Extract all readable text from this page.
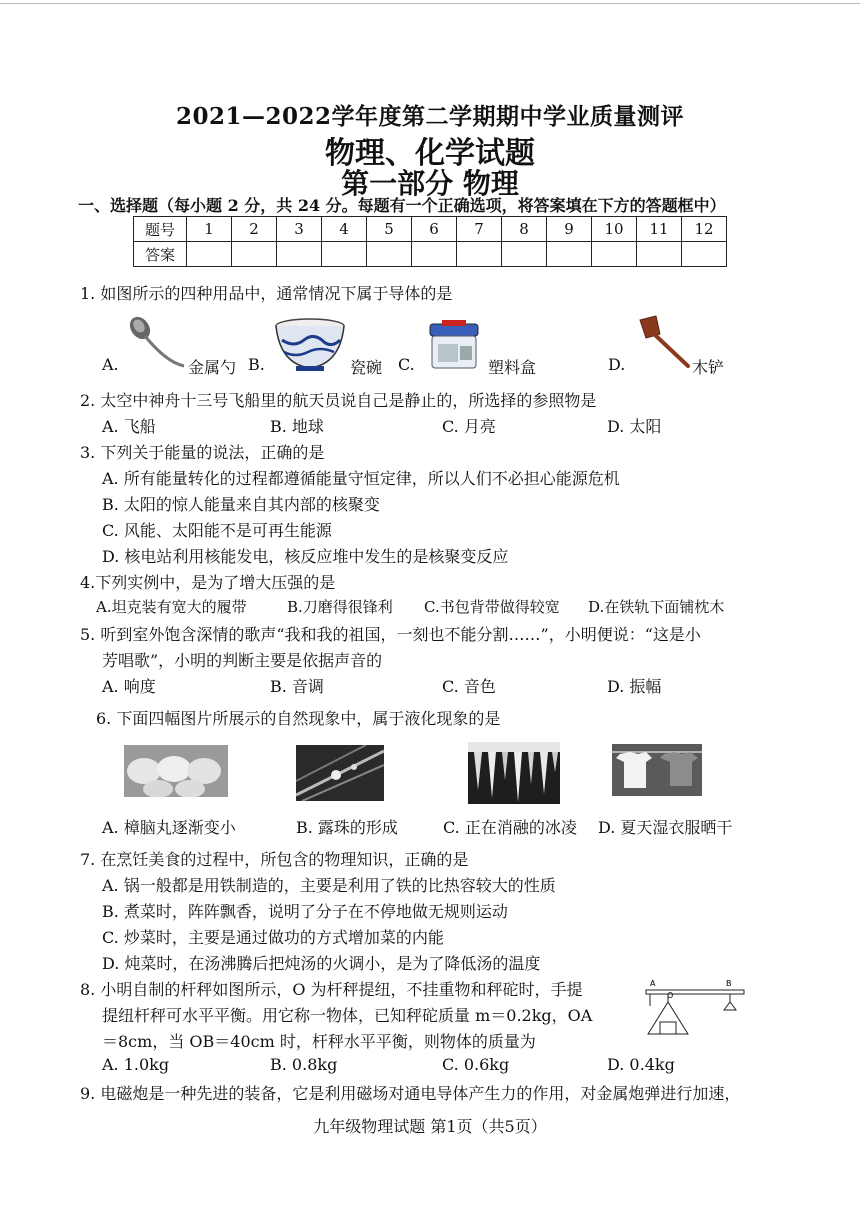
2021—2022学年度第二学期期中学业质量测评
物理、化学试题
第一部分 物理
一、选择题（每小题 2 分，共 24 分。每题有一个正确选项，将答案填在下方的答题框中）
题号	1	2	3	4	5	6	7	8	9	10	11	12
答案												
1. 如图所示的四种用品中，通常情况下属于导体的是
A.	金属勺 B.	瓷碗 C.	塑料盒	D.	木铲
2. 太空中神舟十三号飞船里的航天员说自己是静止的，所选择的参照物是
A. 飞船	B. 地球	C. 月亮	D. 太阳
3. 下列关于能量的说法，正确的是
A. 所有能量转化的过程都遵循能量守恒定律，所以人们不必担心能源危机
B. 太阳的惊人能量来自其内部的核聚变
C. 风能、太阳能不是可再生能源
D. 核电站利用核能发电，核反应堆中发生的是核聚变反应
4.下列实例中，是为了增大压强的是
A.坦克装有宽大的履带	B.刀磨得很锋利 C.书包背带做得较宽 D.在铁轨下面铺枕木
5. 听到室外饱含深情的歌声“我和我的祖国，一刻也不能分割……”，小明便说：“这是小
芳唱歌”，小明的判断主要是依据声音的
A. 响度	B. 音调	C. 音色	D. 振幅
6. 下面四幅图片所展示的自然现象中，属于液化现象的是
A. 樟脑丸逐渐变小	B. 露珠的形成	C. 正在消融的冰凌 D. 夏天湿衣服晒干
7. 在烹饪美食的过程中，所包含的物理知识，正确的是
A. 锅一般都是用铁制造的，主要是利用了铁的比热容较大的性质
B. 煮菜时，阵阵飘香，说明了分子在不停地做无规则运动
C. 炒菜时，主要是通过做功的方式增加菜的内能
D. 炖菜时，在汤沸腾后把炖汤的火调小，是为了降低汤的温度
8. 小明自制的杆秤如图所示，O 为杆秤提纽，不挂重物和秤砣时，手提
提纽杆秤可水平平衡。用它称一物体，已知秤砣质量 m＝0.2kg，OA
＝8cm，当 OB＝40cm 时，杆秤水平平衡，则物体的质量为
A
O
B
A. 1.0kg	B. 0.8kg	C. 0.6kg	D. 0.4kg
9. 电磁炮是一种先进的装备，它是利用磁场对通电导体产生力的作用，对金属炮弹进行加速，
九年级物理试题 第1页（共5页）
